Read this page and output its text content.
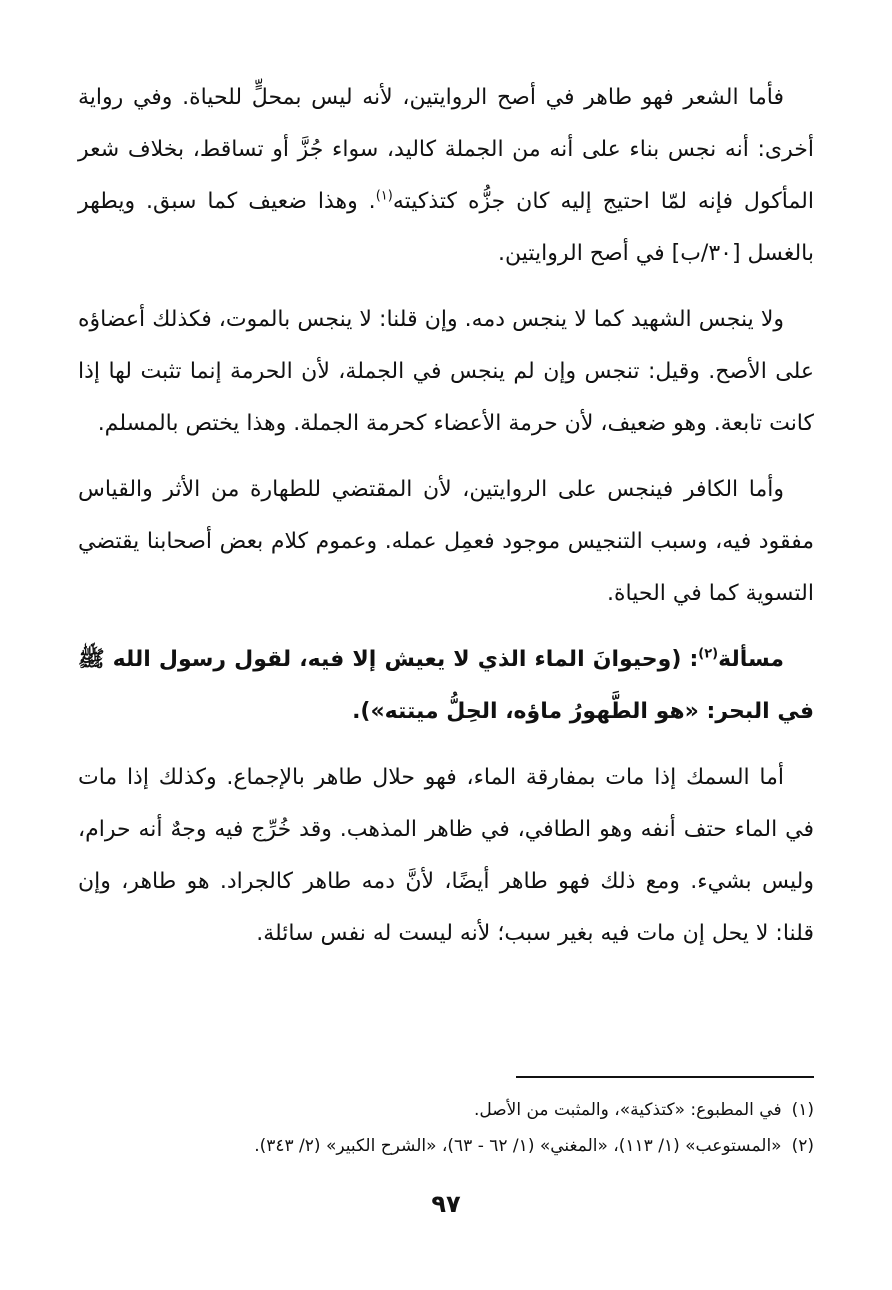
فأما الشعر فهو طاهر في أصح الروايتين، لأنه ليس بمحلٍّ للحياة. وفي رواية أخرى: أنه نجس بناء على أنه من الجملة كاليد، سواء جُزَّ أو تساقط، بخلاف شعر المأكول فإنه لمّا احتيج إليه كان جزُّه كتذكيته$^{(١)}$. وهذا ضعيف كما سبق. ويطهر بالغسل [٣٠/ب] في أصح الروايتين.

ولا ينجس الشهيد كما لا ينجس دمه. وإن قلنا: لا ينجس بالموت، فكذلك أعضاؤه على الأصح. وقيل: تنجس وإن لم ينجس في الجملة، لأن الحرمة إنما تثبت لها إذا كانت تابعة. وهو ضعيف، لأن حرمة الأعضاء كحرمة الجملة. وهذا يختص بالمسلم.

وأما الكافر فينجس على الروايتين، لأن المقتضي للطهارة من الأثر والقياس مفقود فيه، وسبب التنجيس موجود فعمِل عمله. وعموم كلام بعض أصحابنا يقتضي التسوية كما في الحياة.

مسألة$^{(٢)}$: (وحيوانَ الماء الذي لا يعيش إلا فيه، لقول رسول الله ﷺ في البحر: «هو الطَّهورُ ماؤه، الحِلُّ ميتته»).

أما السمك إذا مات بمفارقة الماء، فهو حلال طاهر بالإجماع. وكذلك إذا مات في الماء حتف أنفه وهو الطافي، في ظاهر المذهب. وقد خُرِّج فيه وجهٌ أنه حرام، وليس بشيء. ومع ذلك فهو طاهر أيضًا، لأنَّ دمه طاهر كالجراد. هو طاهر، وإن قلنا: لا يحل إن مات فيه بغير سبب؛ لأنه ليست له نفس سائلة.

(١)في المطبوع: «كتذكية»، والمثبت من الأصل.

(٢)«المستوعب» (١/ ١١٣)، «المغني» (١/ ٦٢ - ٦٣)، «الشرح الكبير» (٢/ ٣٤٣).

٩٧
